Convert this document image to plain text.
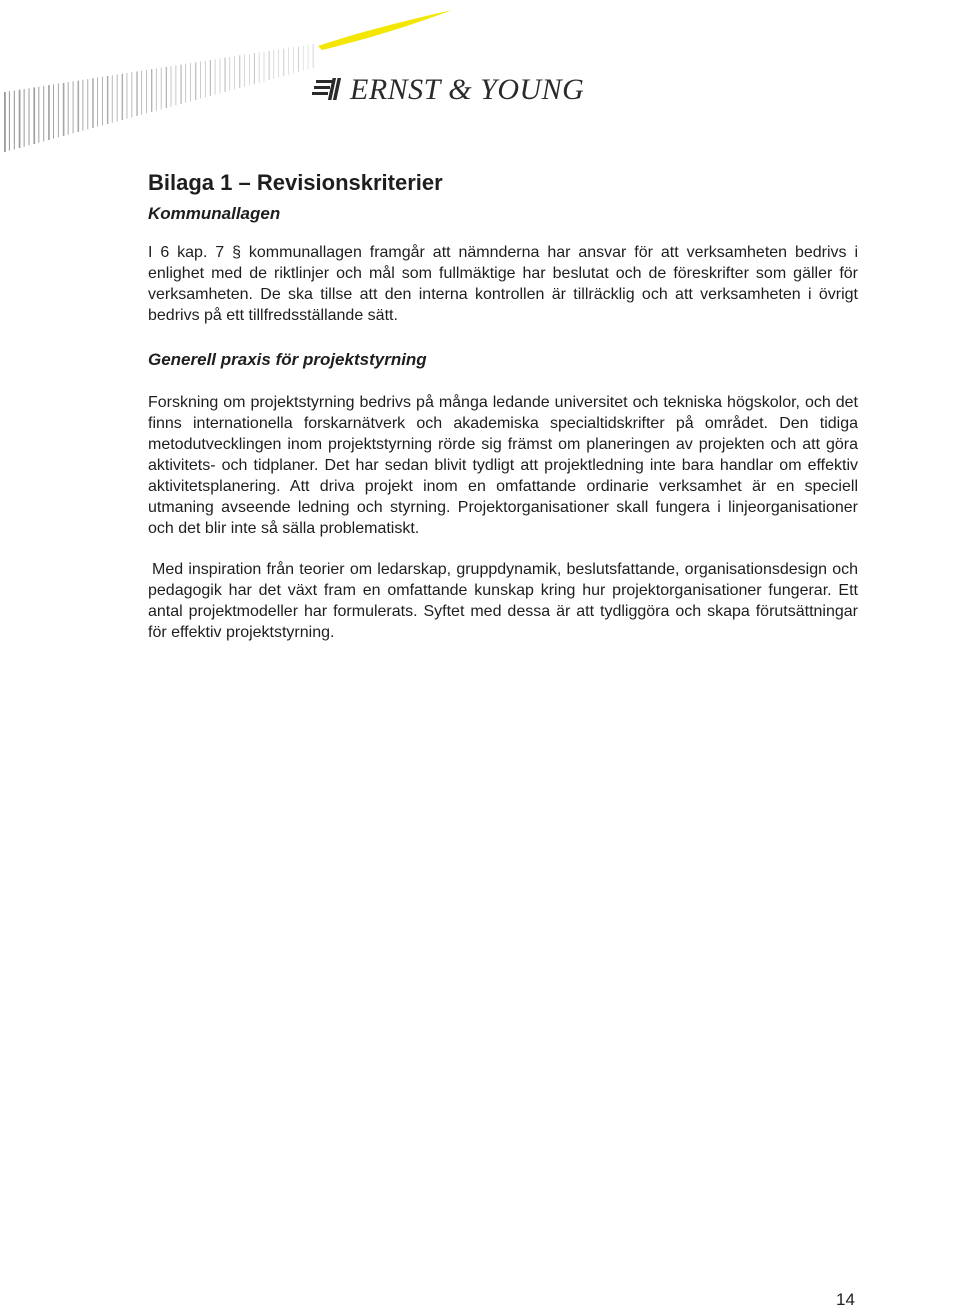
ERNST & YOUNG
Bilaga 1 – Revisionskriterier
Kommunallagen

I 6 kap. 7 § kommunallagen framgår att nämnderna har ansvar för att verksamheten bedrivs i enlighet med de riktlinjer och mål som fullmäktige har beslutat och de föreskrifter som gäller för verksamheten. De ska tillse att den interna kontrollen är tillräcklig och att verksamheten i övrigt bedrivs på ett tillfredsställande sätt.

Generell praxis för projektstyrning

Forskning om projektstyrning bedrivs på många ledande universitet och tekniska högskolor, och det finns internationella forskarnätverk och akademiska specialtidskrifter på området. Den tidiga metodutvecklingen inom projektstyrning rörde sig främst om planeringen av projekten och att göra aktivitets- och tidplaner. Det har sedan blivit tydligt att projektledning inte bara handlar om effektiv aktivitetsplanering. Att driva projekt inom en omfattande ordinarie verksamhet är en speciell utmaning avseende ledning och styrning. Projektorganisationer skall fungera i linjeorganisationer och det blir inte så sälla problematiskt.

Med inspiration från teorier om ledarskap, gruppdynamik, beslutsfattande, organisationsdesign och pedagogik har det växt fram en omfattande kunskap kring hur projektorganisationer fungerar. Ett antal projektmodeller har formulerats. Syftet med dessa är att tydliggöra och skapa förutsättningar för effektiv projektstyrning.

14
